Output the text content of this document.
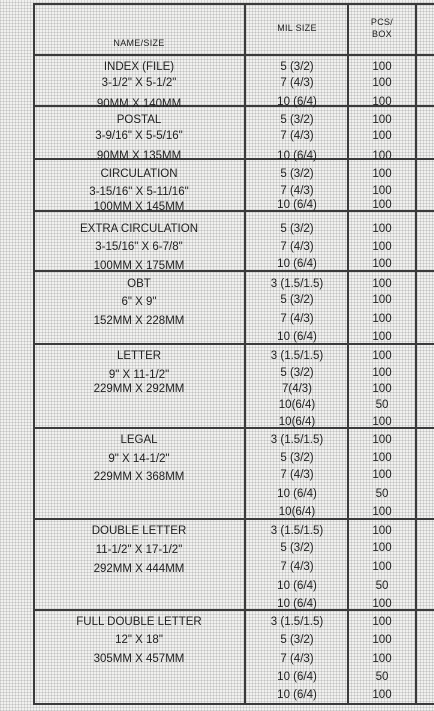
NAME/SIZE
MIL SIZE
PCS/ BOX
INDEX (FILE)
3-1/2" X 5-1/2"
90MM X 140MM
5 (3/2)
7 (4/3)
10 (6/4)
100
100
100
POSTAL
3-9/16" X 5-5/16"
90MM X 135MM
5 (3/2)
7 (4/3)
10 (6/4)
100
100
100
CIRCULATION
3-15/16" X 5-11/16"
100MM X 145MM
5 (3/2)
7 (4/3)
10 (6/4)
100
100
100
EXTRA CIRCULATION
3-15/16" X 6-7/8"
100MM X 175MM
5 (3/2)
7 (4/3)
10 (6/4)
100
100
100
OBT
6" X 9"
152MM X 228MM
3 (1.5/1.5)
5 (3/2)
7 (4/3)
10 (6/4)
100
100
100
100
LETTER
9" X 11-1/2"
229MM X 292MM
3 (1.5/1.5)
5 (3/2)
7(4/3)
10(6/4)
10(6/4)
100
100
100
50
100
LEGAL
9" X 14-1/2"
229MM X 368MM
3 (1.5/1.5)
5 (3/2)
7 (4/3)
10 (6/4)
10(6/4)
100
100
100
50
100
DOUBLE LETTER
11-1/2" X 17-1/2"
292MM X 444MM
3 (1.5/1.5)
5 (3/2)
7 (4/3)
10 (6/4)
10 (6/4)
100
100
100
50
100
FULL DOUBLE LETTER
12" X 18"
305MM X 457MM
3 (1.5/1.5)
5 (3/2)
7 (4/3)
10 (6/4)
10 (6/4)
100
100
100
50
100
